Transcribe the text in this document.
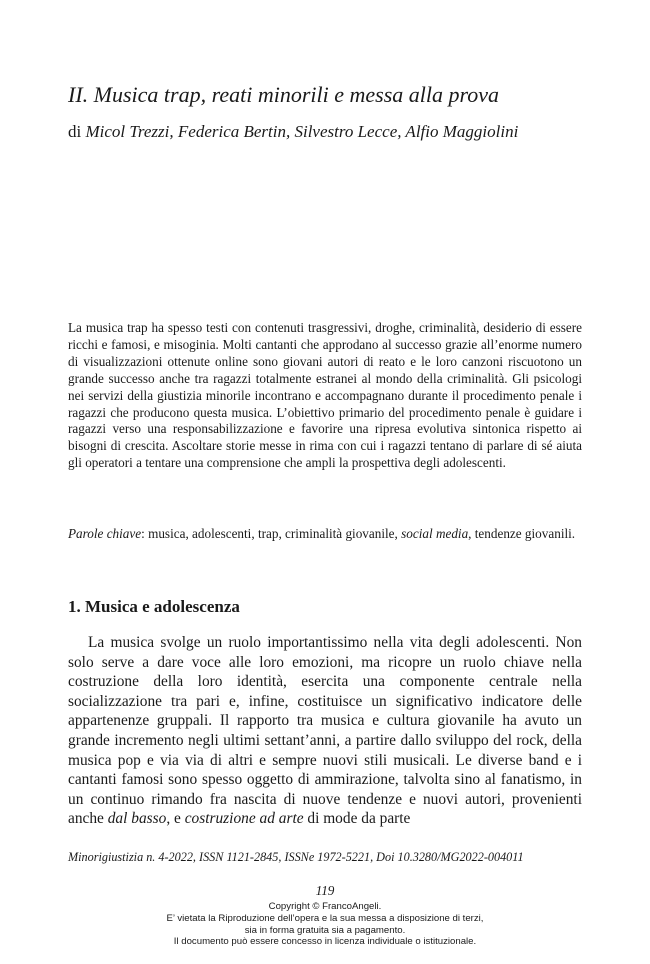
II. Musica trap, reati minorili e messa alla prova
di Micol Trezzi, Federica Bertin, Silvestro Lecce, Alfio Maggiolini

La musica trap ha spesso testi con contenuti trasgressivi, droghe, criminalità, desiderio di essere ricchi e famosi, e misoginia. Molti cantanti che approdano al successo grazie all’enorme numero di visualizzazioni ottenute online sono giovani autori di reato e le loro canzoni riscuotono un grande successo anche tra ragazzi totalmente estranei al mondo della criminalità. Gli psicologi nei servizi della giustizia minorile incontrano e accompagnano durante il procedimento penale i ragazzi che producono questa musica. L’obiettivo primario del procedimento penale è guidare i ragazzi verso una responsabilizzazione e favorire una ripresa evolutiva sintonica rispetto ai bisogni di crescita. Ascoltare storie messe in rima con cui i ragazzi tentano di parlare di sé aiuta gli operatori a tentare una comprensione che ampli la prospettiva degli adolescenti.

Parole chiave: musica, adolescenti, trap, criminalità giovanile, social media, tendenze giovanili.

1. Musica e adolescenza

La musica svolge un ruolo importantissimo nella vita degli adolescenti. Non solo serve a dare voce alle loro emozioni, ma ricopre un ruolo chiave nella costruzione della loro identità, esercita una componente centrale nella socializzazione tra pari e, infine, costituisce un significativo indicatore delle appartenenze gruppali. Il rapporto tra musica e cultura giovanile ha avuto un grande incremento negli ultimi settant’anni, a partire dallo sviluppo del rock, della musica pop e via via di altri e sempre nuovi stili musicali. Le diverse band e i cantanti famosi sono spesso oggetto di ammirazione, talvolta sino al fanatismo, in un continuo rimando fra nascita di nuove tendenze e nuovi autori, provenienti anche dal basso, e costruzione ad arte di mode da parte

Minorigiustizia n. 4-2022, ISSN 1121-2845, ISSNe 1972-5221, Doi 10.3280/MG2022-004011
119
Copyright © FrancoAngeli.
E’ vietata la Riproduzione dell’opera e la sua messa a disposizione di terzi,
sia in forma gratuita sia a pagamento.
Il documento può essere concesso in licenza individuale o istituzionale.
